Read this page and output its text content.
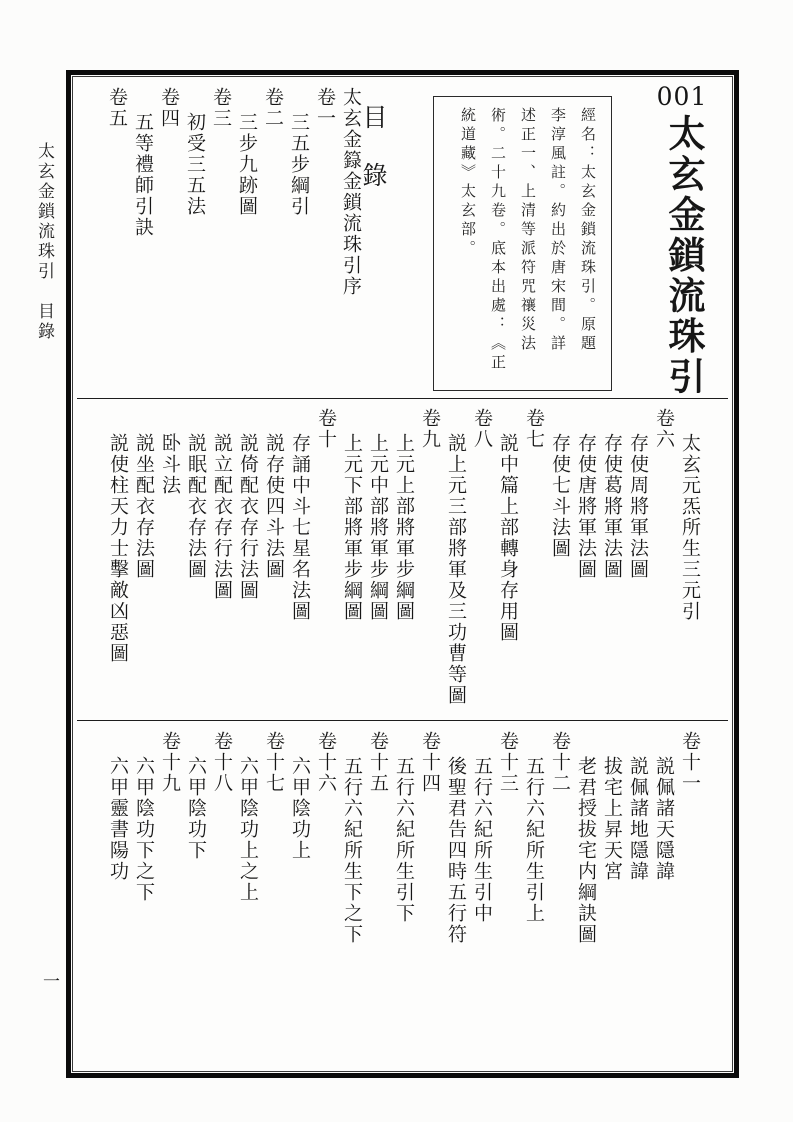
太玄金鎖流珠引　目錄
一
001
太玄金鎖流珠引
經名：太玄金鎖流珠引。原題
李淳風註。約出於唐宋間。詳
述正一、上清等派符咒禳災法
術。二十九卷。底本出處：《正
統道藏》太玄部。
目　錄
太玄金籙金鎖流珠引序
卷一
三五步綱引
卷二
三步九跡圖
卷三
初受三五法
卷四
五等禮師引訣
卷五
太玄元炁所生三元引
卷六
存使周將軍法圖
存使葛將軍法圖
存使唐將軍法圖
存使七斗法圖
卷七
説中篇上部轉身存用圖
卷八
説上元三部將軍及三功曹等圖
卷九
上元上部將軍步綱圖
上元中部將軍步綱圖
上元下部將軍步綱圖
卷十
存誦中斗七星名法圖
説存使四斗法圖
説倚配衣存行法圖
説立配衣存行法圖
説眠配衣存法圖
卧斗法
説坐配衣存法圖
説使柱天力士擊敵凶惡圖
卷十一
説佩諸天隱諱
説佩諸地隱諱
拔宅上昇天宮
老君授拔宅内綱訣圖
卷十二
五行六紀所生引上
卷十三
五行六紀所生引中
後聖君告四時五行符
卷十四
五行六紀所生引下
卷十五
五行六紀所生下之下
卷十六
六甲陰功上
卷十七
六甲陰功上之上
卷十八
六甲陰功下
卷十九
六甲陰功下之下
六甲靈書陽功
